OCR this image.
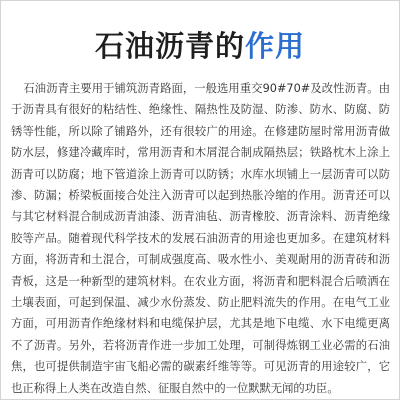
石油沥青的作用
石油沥青主要用于铺筑沥青路面，一般选用重交90#70#及改性沥青。由
于沥青具有很好的粘结性、绝缘性、隔热性及防湿、防渗、防水、防腐、防
锈等性能，所以除了铺路外，还有很较广的用途。在修建防屋时常用沥青做
防水层，修建冷藏库时，常用沥青和木屑混合制成隔热层；铁路枕木上涂上
沥青可以防腐；地下管道涂上沥青可以防锈；水库水坝铺上一层沥青可以防
渗、防漏；桥梁板面接合处注入沥青可以起到热胀冷缩的作用。沥青还可以
与其它材料混合制成沥青油漆、沥青油毡、沥青橡胶、沥青涂料、沥青绝缘
胶等产品。随着现代科学技术的发展石油沥青的用途也更加多。在建筑材料
方面，将沥青和土混合，可制成强度高、吸水性小、美观耐用的沥青砖和沥
青板，这是一种新型的建筑材料。在农业方面，将沥青和肥料混合后喷洒在
土壤表面，可起到保温、减少水份蒸发、防止肥料流失的作用。在电气工业
方面，可用沥青作绝缘材料和电缆保护层，尤其是地下电缆、水下电缆更离
不了沥青。另外，若将沥青作进一步加工处理，可制得炼钢工业必需的石油
焦，也可提供制造宇宙飞船必需的碳素纤维等等。可见沥青的用途较广，它
也正称得上人类在改造自然、征服自然中的一位默默无闻的功臣。
